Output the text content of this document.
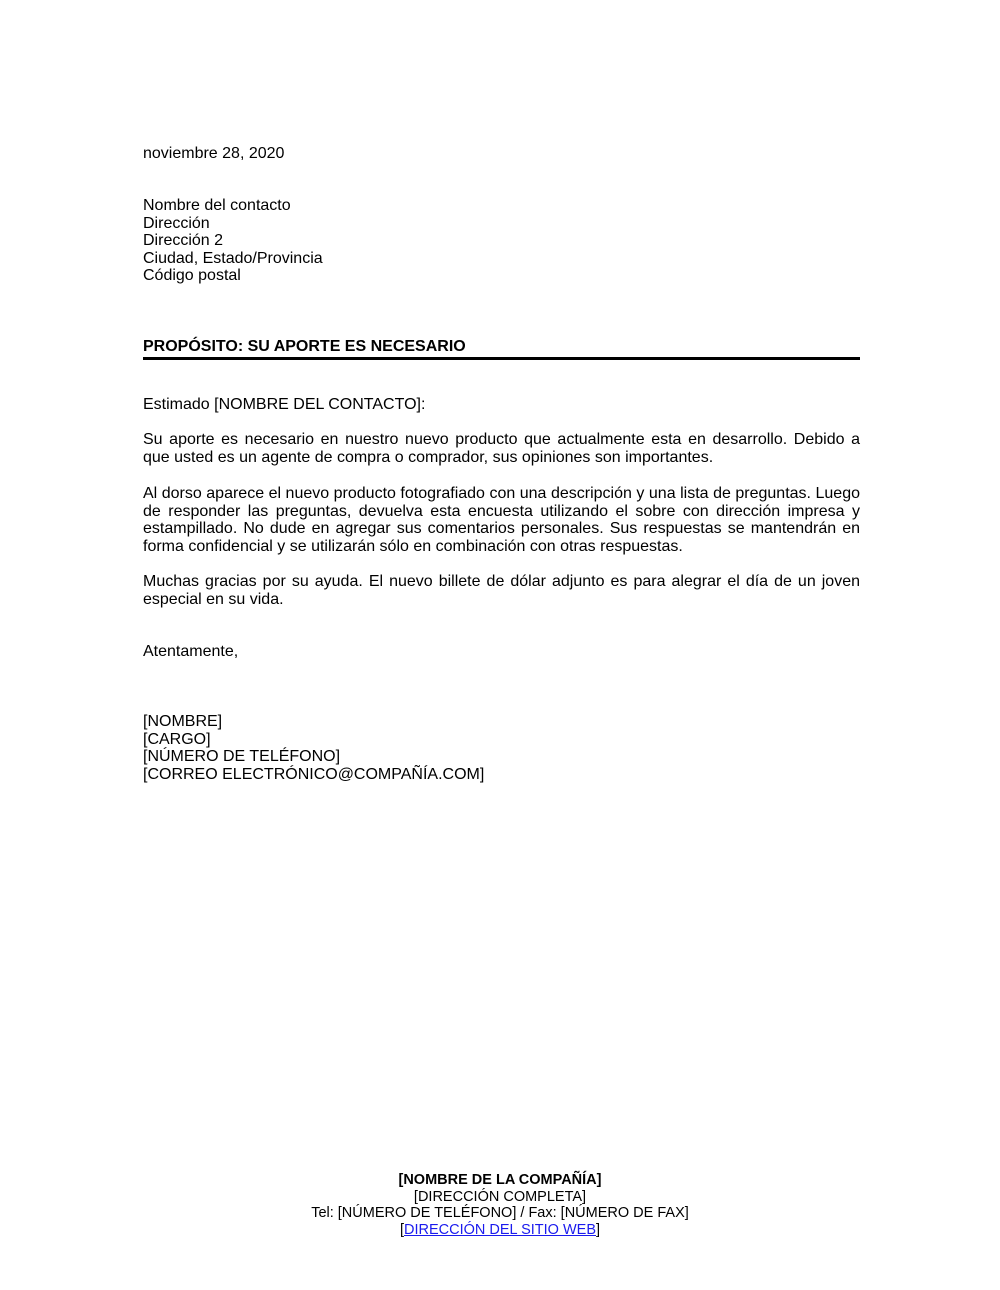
noviembre 28, 2020
Nombre del contacto
Dirección
Dirección 2
Ciudad, Estado/Provincia
Código postal
PROPÓSITO: SU APORTE ES NECESARIO
Estimado [NOMBRE DEL CONTACTO]:
Su aporte es necesario en nuestro nuevo producto que actualmente esta en desarrollo. Debido a que usted es un agente de compra o comprador, sus opiniones son importantes.
Al dorso aparece el nuevo producto fotografiado con una descripción y una lista de preguntas. Luego de responder las preguntas, devuelva esta encuesta utilizando el sobre con dirección impresa y estampillado. No dude en agregar sus comentarios personales. Sus respuestas se mantendrán en forma confidencial y se utilizarán sólo en combinación con otras respuestas.
Muchas gracias por su ayuda. El nuevo billete de dólar adjunto es para alegrar el día de un joven especial en su vida.
Atentamente,
[NOMBRE]
[CARGO]
[NÚMERO DE TELÉFONO]
[CORREO ELECTRÓNICO@COMPAÑÍA.COM]
[NOMBRE DE LA COMPAÑÍA]
[DIRECCIÓN COMPLETA]
Tel: [NÚMERO DE TELÉFONO] / Fax: [NÚMERO DE FAX]
[DIRECCIÓN DEL SITIO WEB]
